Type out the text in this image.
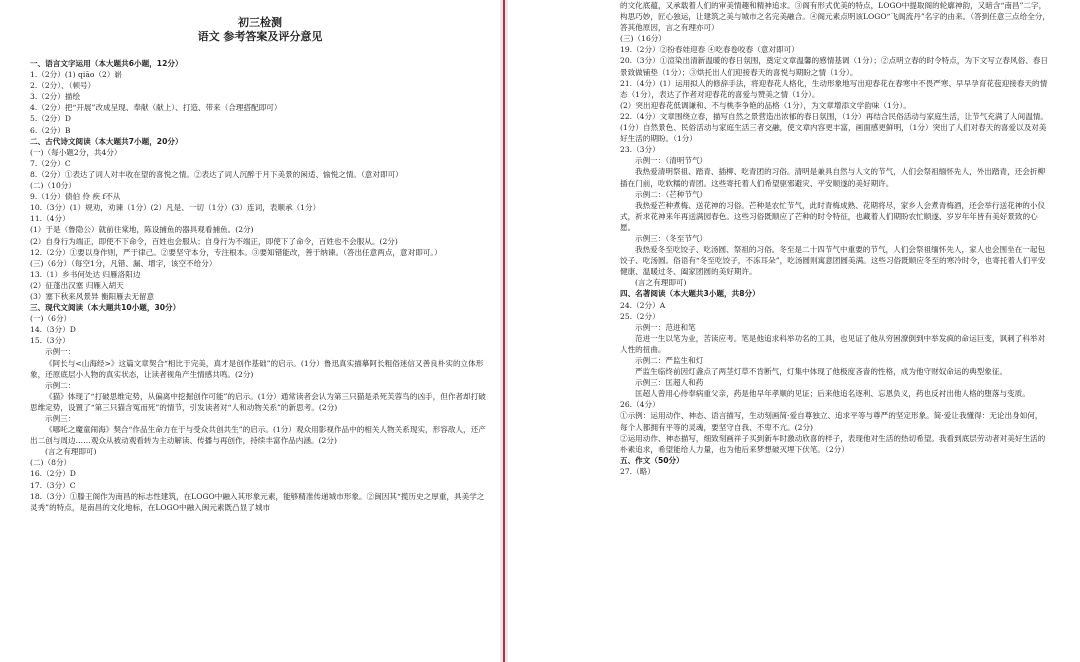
初三检测
语文 参考答案及评分意见
一、语言文字运用（本大题共6小题，12分）
1.（2分）(1) qiāo（2）崭
2.（2分）、（顿号）
3.（2分）描绘
4.（2分）把“开展”改成呈现、奉献（献上）、打造、带来（合理搭配即可）
5.（2分）D
6.（2分）B
二、古代诗文阅读（本大题共7小题，20分）
(一)（每小题2分，共4分）
7.（2分）C
8.（2分）①表达了词人对丰收在望的喜悦之情。②表达了词人沉醉于月下美景的闲适、愉悦之情。（意对即可）
(二)（10分）
9.（1分）债伯 伶 疾 f不从
10.（3分）(1）规劝，劝谏（1分）(2）凡是、一切（1分）(3）连词，表顺承（1分）
11.（4分）
(1）于是（鲁隐公）就前往棠地，陈设捕鱼的器具观看捕鱼。(2分)
(2）自身行为端正，即使不下命令，百姓也会服从；自身行为不端正，即使下了命令，百姓也不会服从。(2分)
12.（2分）①要以身作则，严于律己。②要坚守本分，专注根本。③要知错能改，善于纳谏。（答出任意两点，意对即可。）
(三)（6分）（每空1分，凡错、漏、增字，该空不给分）
13.（1）乡书何处达 归雁洛阳边
(2）征蓬出汉塞 归雁入胡天
(3）塞下秋来风景异 衡阳雁去无留意
三、现代文阅读（本大题共10小题，30分）
(一)（6分）
14.（3分）D
15.（3分）
示例一：
《阿长与<山海经>》这篇文章契合“相比于完美，真才是创作基础”的启示。(1分）鲁迅真实描摹阿长粗俗迷信又善良朴实的立体形象，还原底层小人物的真实状态，让读者视角产生情感共鸣。(2分)
示例二：
《猫》体现了“打破思维定势，从偏离中挖掘创作可能”的启示。(1分）通常读者会认为第三只猫是杀死芙蓉鸟的凶手，但作者却打破思维定势，设置了“第三只猫含冤而死”的情节，引发读者对“人和动物关系”的新思考。(2分)
示例三：
《哪吒之魔童闹海》契合“作品生命力在于与受众共创共生”的启示。(1分）观众用影视作品中的相关人物关系现实，形容敌人，还产出二创与周边……观众从被动观看转为主动解读、传播与再创作，持续丰富作品内涵。(2分)
(言之有理即可)
(二)（8分）
16.（2分）D
17.（3分）C
18.（3分）①滕王阁作为南昌的标志性建筑，在LOGO中融入其形象元素，能够精准传递城市形象。②闽因其“揽历史之厚重，具美学之灵秀”的特点，是南昌的文化地标，在LOGO中融入闽元素既凸显了城市
的文化底蕴，又承载着人们的审美情趣和精神追求。③阁有形式优美的特点，LOGO中提取阁的轮廓神韵，又暗含“南昌”二字，构思巧妙，匠心独运，让建筑之美与城市之名完美融合。④阁元素点明该LOGO“飞阁流丹”名字的由来。（答到任意三点给全分，答其他原因，言之有理亦可）
(三)（16分）
19.（2分）②扮春娃迎春 ④吃春卷咬春（意对即可）
20.（3分）①渲染出清新温暖的春日氛围，奠定文章温馨的感情基调（1分）；②点明立春的时令特点，为下文写立春风俗、春日景致做铺垫（1分）；③烘托出人们迎接春天的喜悦与期盼之情（1分）。
21.（4分）(1）运用拟人的修辞手法，将迎春花人格化，生动形象地写出迎春花在春寒中不畏严寒、早早孕育花苞迎接春天的情态（1分），表达了作者对迎春花的喜爱与赞美之情（1分）。
(2）突出迎春花低调谦和、不与桃李争艳的品格（1分），为文章增添文学韵味（1分）。
22.（4分）文章围绕立春，描写自然之景营造出浓郁的春日氛围，（1分）再结合民俗活动与家庭生活，让节气充满了人间温情。(1分）自然景色、民俗活动与家庭生活三者交融，使文章内容更丰富，画面感更鲜明，（1分）突出了人们对春天的喜爱以及对美好生活的期盼。（1分）
23.（3分）
示例一：（清明节气）
我热爱清明祭祖、踏青、插柳、吃青团的习俗。清明是兼具自然与人文的节气，人们会祭祖缅怀先人，外出踏青，还会折柳插在门前，吃软糯的青团。这些寄托着人们希望驱邪避灾、平安顺遂的美好期许。
示例二：（芒种节气）
我热爱芒种煮梅、送花神的习俗。芒种是农忙节气，此时青梅成熟、花期将尽，家乡人会煮青梅酒，还会举行送花神的小仪式，祈求花神来年再送满园春色。这些习俗既顺应了芒种的时令特征，也藏着人们期盼农忙顺遂、岁岁年年皆有美好景致的心愿。
示例三：（冬至节气）
我热爱冬至吃饺子、吃汤圆、祭祖的习俗。冬至是二十四节气中重要的节气，人们会祭祖缅怀先人，家人也会围坐在一起包饺子、吃汤圆。俗语有“冬至吃饺子，不冻耳朵”，吃汤圆则寓意团圆美满。这些习俗既顺应冬至的寒冷时令，也寄托着人们平安健康、温暖过冬、阖家团圆的美好期许。
(言之有理即可)
四、名著阅读（本大题共3小题，共8分）
24.（2分）A
25.（2分）
示例一：范进和笔
范进一生以笔为业，苦读应考。笔是他追求科举功名的工具，也见证了他从穷困潦倒到中举发疯的命运巨变，讽刺了科举对人性的扭曲。
示例二：严监生和灯
严监生临终前因灯盏点了两茎灯草不肯断气，灯集中体现了他极度吝啬的性格，成为他守财奴命运的典型象征。
示例三：匡超人和药
匡超人曾用心侍奉病重父亲，药是他早年孝顺的见证；后来他追名逐利、忘恩负义，药也反衬出他人格的堕落与变质。
26.（4分）
①示例：运用动作、神态、语言描写，生动刻画简·爱自尊独立、追求平等与尊严的坚定形象。简·爱让我懂得：无论出身如何，每个人都拥有平等的灵魂，要坚守自我、不卑不亢。(2分)
②运用动作、神态描写，细致刻画祥子买到新车时激动欣喜的样子，表现他对生活的热切希望。我看到底层劳动者对美好生活的朴素追求，希望能给人力量，也为他后来梦想破灭埋下伏笔。（2分）
五、作文（50分）
27.（略）
